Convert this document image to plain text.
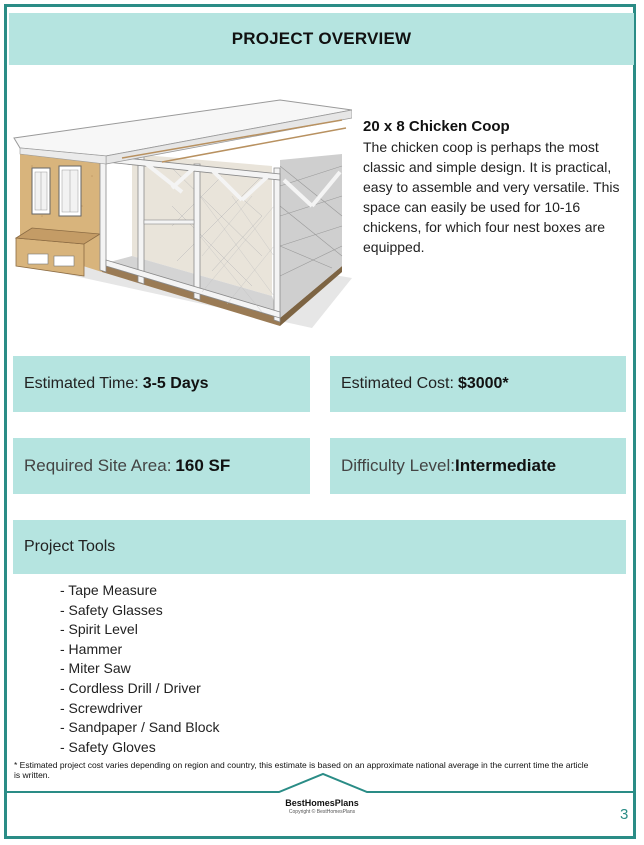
PROJECT OVERVIEW
20 x 8 Chicken Coop
The chicken coop is perhaps the most classic and simple design. It is practical, easy to assemble and very versatile. This space can easily be used for 10-16 chickens, for which four nest boxes are equipped.
Estimated Time: 3-5 Days	Estimated Cost: $3000*
Required Site Area: 160 SF	Difficulty Level: Intermediate
Project Tools
- Tape Measure
- Safety Glasses
- Spirit Level
- Hammer
- Miter Saw
- Cordless Drill / Driver
- Screwdriver
- Sandpaper / Sand Block
- Safety Gloves
* Estimated project cost varies depending on region and country, this estimate is based on an approximate national average in the current time the article is written.
BestHomesPlans
Copyright © BestHomesPlans	3
